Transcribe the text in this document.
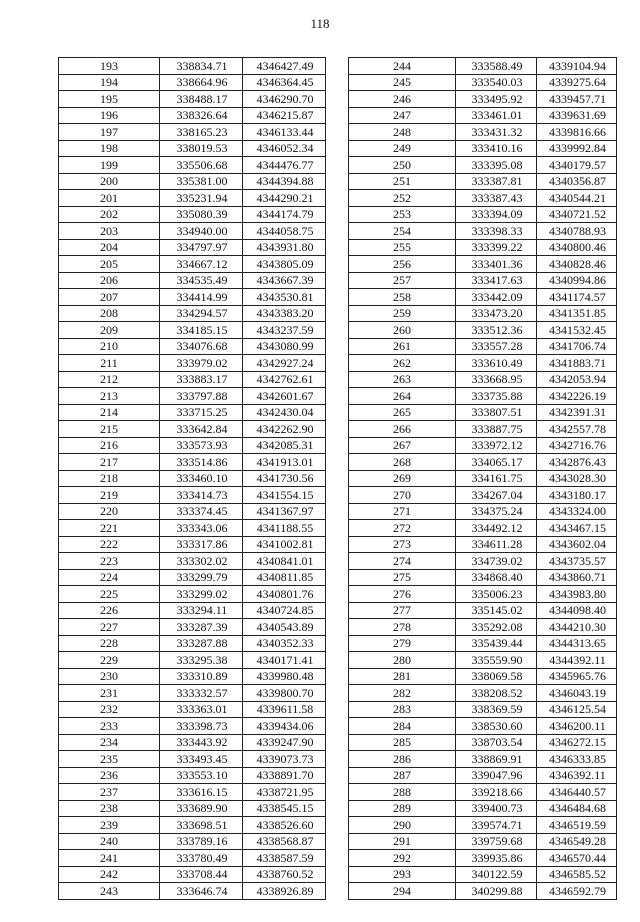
118
193	338834.71	4346427.49
194	338664.96	4346364.45
195	338488.17	4346290.70
196	338326.64	4346215.87
197	338165.23	4346133.44
198	338019.53	4346052.34
199	335506.68	4344476.77
200	335381.00	4344394.88
201	335231.94	4344290.21
202	335080.39	4344174.79
203	334940.00	4344058.75
204	334797.97	4343931.80
205	334667.12	4343805.09
206	334535.49	4343667.39
207	334414.99	4343530.81
208	334294.57	4343383.20
209	334185.15	4343237.59
210	334076.68	4343080.99
211	333979.02	4342927.24
212	333883.17	4342762.61
213	333797.88	4342601.67
214	333715.25	4342430.04
215	333642.84	4342262.90
216	333573.93	4342085.31
217	333514.86	4341913.01
218	333460.10	4341730.56
219	333414.73	4341554.15
220	333374.45	4341367.97
221	333343.06	4341188.55
222	333317.86	4341002.81
223	333302.02	4340841.01
224	333299.79	4340811.85
225	333299.02	4340801.76
226	333294.11	4340724.85
227	333287.39	4340543.89
228	333287.88	4340352.33
229	333295.38	4340171.41
230	333310.89	4339980.48
231	333332.57	4339800.70
232	333363.01	4339611.58
233	333398.73	4339434.06
234	333443.92	4339247.90
235	333493.45	4339073.73
236	333553.10	4338891.70
237	333616.15	4338721.95
238	333689.90	4338545.15
239	333698.51	4338526.60
240	333789.16	4338568.87
241	333780.49	4338587.59
242	333708.44	4338760.52
243	333646.74	4338926.89
244	333588.49	4339104.94
245	333540.03	4339275.64
246	333495.92	4339457.71
247	333461.01	4339631.69
248	333431.32	4339816.66
249	333410.16	4339992.84
250	333395.08	4340179.57
251	333387.81	4340356.87
252	333387.43	4340544.21
253	333394.09	4340721.52
254	333398.33	4340788.93
255	333399.22	4340800.46
256	333401.36	4340828.46
257	333417.63	4340994.86
258	333442.09	4341174.57
259	333473.20	4341351.85
260	333512.36	4341532.45
261	333557.28	4341706.74
262	333610.49	4341883.71
263	333668.95	4342053.94
264	333735.88	4342226.19
265	333807.51	4342391.31
266	333887.75	4342557.78
267	333972.12	4342716.76
268	334065.17	4342876.43
269	334161.75	4343028.30
270	334267.04	4343180.17
271	334375.24	4343324.00
272	334492.12	4343467.15
273	334611.28	4343602.04
274	334739.02	4343735.57
275	334868.40	4343860.71
276	335006.23	4343983.80
277	335145.02	4344098.40
278	335292.08	4344210.30
279	335439.44	4344313.65
280	335559.90	4344392.11
281	338069.58	4345965.76
282	338208.52	4346043.19
283	338369.59	4346125.54
284	338530.60	4346200.11
285	338703.54	4346272.15
286	338869.91	4346333.85
287	339047.96	4346392.11
288	339218.66	4346440.57
289	339400.73	4346484.68
290	339574.71	4346519.59
291	339759.68	4346549.28
292	339935.86	4346570.44
293	340122.59	4346585.52
294	340299.88	4346592.79
